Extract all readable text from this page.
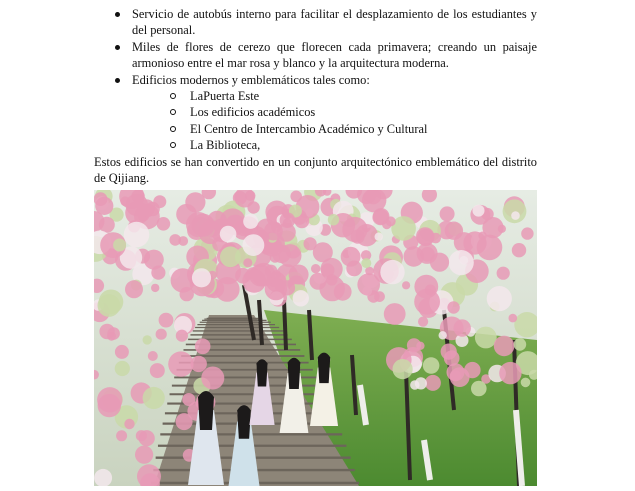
Servicio de autobús interno para facilitar el desplazamiento de los estudiantes y del personal.
Miles de flores de cerezo que florecen cada primavera; creando un paisaje armonioso entre el mar rosa y blanco y la arquitectura moderna.
Edificios modernos y emblemáticos tales como:
LaPuerta Este
Los edificios académicos
El Centro de Intercambio Académico y Cultural
La Biblioteca,

Estos edificios se han convertido en un conjunto arquitectónico emblemático del distrito de Qijiang.
